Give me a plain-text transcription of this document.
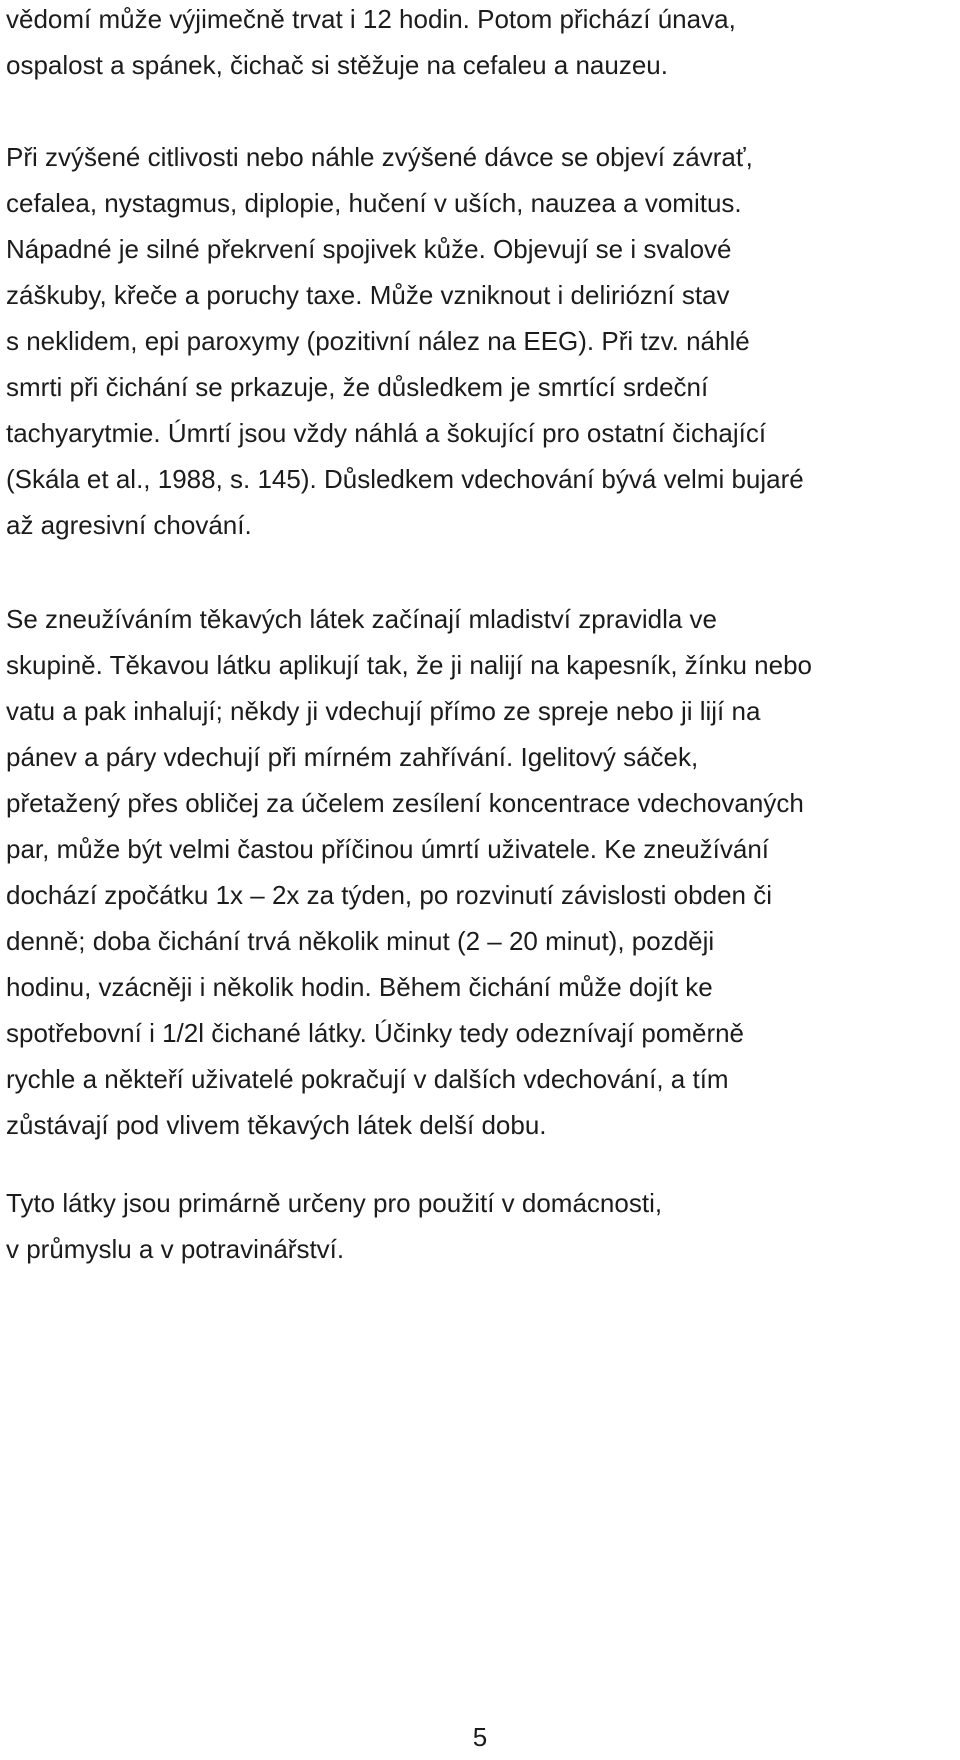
vědomí může výjimečně trvat i 12 hodin. Potom přichází únava,
ospalost a spánek, čichač si stěžuje na cefaleu a nauzeu.
Při zvýšené citlivosti nebo náhle zvýšené dávce se objeví závrať,
cefalea, nystagmus, diplopie, hučení v uších, nauzea a vomitus.
Nápadné je silné překrvení spojivek kůže. Objevují se i svalové
záškuby, křeče a poruchy taxe. Může vzniknout i deliriózní stav
s neklidem, epi paroxymy (pozitivní nález na EEG). Při tzv. náhlé
smrti při čichání se prkazuje, že důsledkem je smrtící srdeční
tachyarytmie. Úmrtí jsou vždy náhlá a šokující pro ostatní čichající
(Skála et al., 1988, s. 145). Důsledkem vdechování bývá velmi bujaré
až agresivní chování.
Se zneužíváním těkavých látek začínají mladiství zpravidla ve
skupině. Těkavou látku aplikují tak, že ji nalijí na kapesník, žínku nebo
vatu a pak inhalují; někdy ji vdechují přímo ze spreje nebo ji lijí na
pánev a páry vdechují při mírném zahřívání. Igelitový sáček,
přetažený přes obličej za účelem zesílení koncentrace vdechovaných
par, může být velmi častou příčinou úmrtí uživatele. Ke zneužívání
dochází zpočátku 1x – 2x za týden, po rozvinutí závislosti obden či
denně; doba čichání trvá několik minut (2 – 20 minut), později
hodinu, vzácněji i několik hodin. Během čichání může dojít ke
spotřebovní i 1/2l čichané látky. Účinky tedy odeznívají poměrně
rychle a někteří uživatelé pokračují v dalších vdechování, a tím
zůstávají pod vlivem těkavých látek delší dobu.
Tyto látky jsou primárně určeny pro použití v domácnosti,
v průmyslu a v potravinářství.
5
